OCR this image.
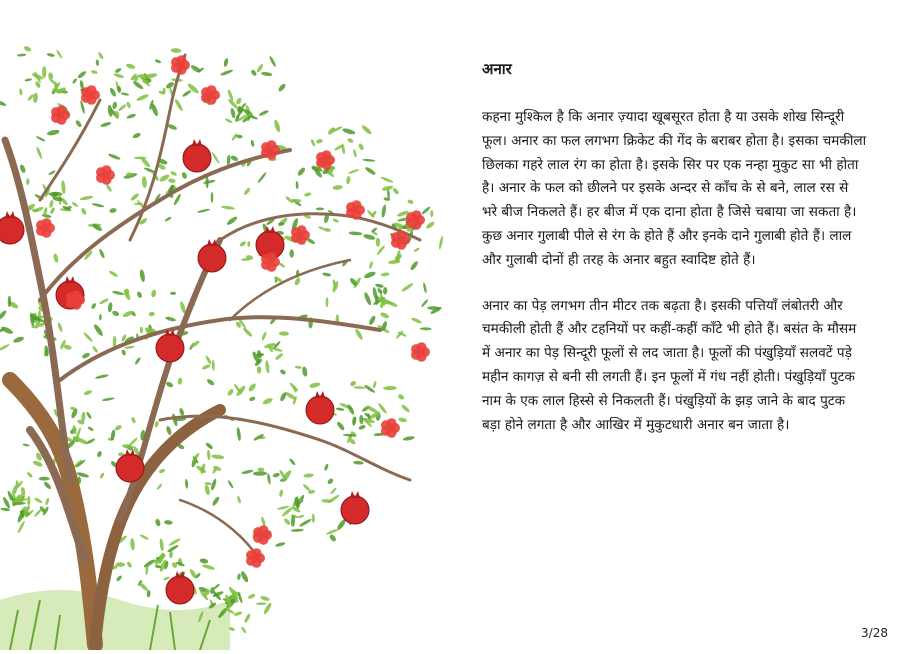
अनार

कहना मुश्किल है कि अनार ज़्यादा खूबसूरत होता है या उसके शोख सिन्दूरी फूल। अनार का फल लगभग क्रिकेट की गेंद के बराबर होता है। इसका चमकीला छिलका गहरे लाल रंग का होता है। इसके सिर पर एक नन्हा मुकुट सा भी होता है। अनार के फल को छीलने पर इसके अन्दर से काँच के से बने, लाल रस से भरे बीज निकलते हैं। हर बीज में एक दाना होता है जिसे चबाया जा सकता है। कुछ अनार गुलाबी पीले से रंग के होते हैं और इनके दाने गुलाबी होते हैं। लाल और गुलाबी दोनों ही तरह के अनार बहुत स्वादिष्ट होते हैं।

अनार का पेड़ लगभग तीन मीटर तक बढ़ता है। इसकी पत्तियाँ लंबोतरी और चमकीली होती हैं और टहनियों पर कहीं-कहीं काँटे भी होते हैं। बसंत के मौसम में अनार का पेड़ सिन्दूरी फूलों से लद जाता है। फूलों की पंखुड़ियाँ सलवटें पड़े महीन कागज़ से बनी सी लगती हैं। इन फूलों में गंध नहीं होती। पंखुड़ियाँ पुटक नाम के एक लाल हिस्से से निकलती हैं। पंखुड़ियों के झड़ जाने के बाद पुटक बड़ा होने लगता है और आखिर में मुकुटधारी अनार बन जाता है।

3/28
